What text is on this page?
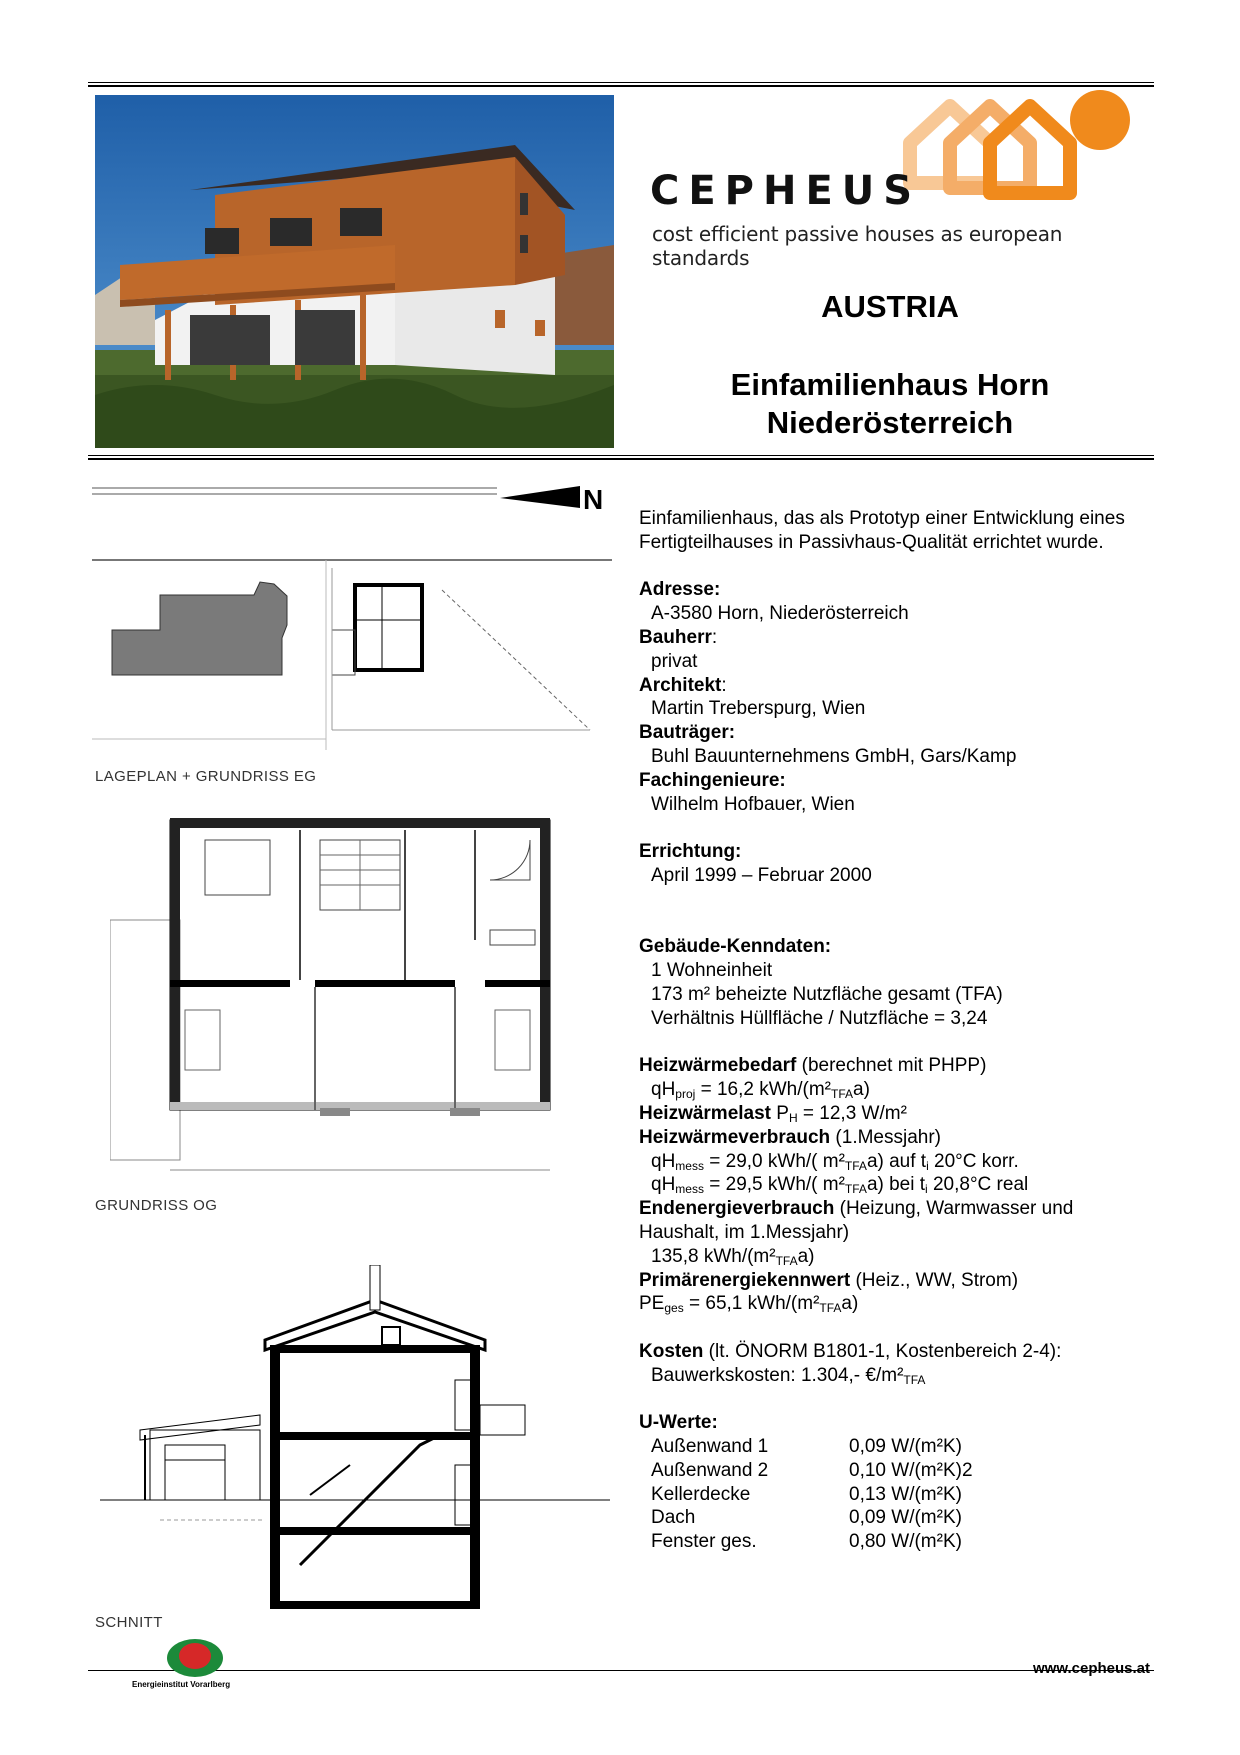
CEPHEUS
cost efficient passive houses as european standards
AUSTRIA
Einfamilienhaus Horn
Niederösterreich
N
LAGEPLAN + GRUNDRISS EG
GRUNDRISS OG
SCHNITT
Einfamilienhaus, das als Prototyp einer Entwicklung eines Fertigteilhauses in Passivhaus-Qualität errichtet wurde.
Adresse:
A-3580 Horn, Niederösterreich
Bauherr:
privat
Architekt:
Martin Treberspurg, Wien
Bauträger:
Buhl Bauunternehmens GmbH, Gars/Kamp
Fachingenieure:
Wilhelm Hofbauer, Wien
Errichtung:
April 1999 – Februar 2000
Gebäude-Kenndaten:
1 Wohneinheit
173 m² beheizte Nutzfläche gesamt (TFA)
Verhältnis Hüllfläche / Nutzfläche = 3,24
Heizwärmebedarf (berechnet mit PHPP)
$qH_{proj} = 16,2$ kWh/$(m^2_{TFA}a)$
Heizwärmelast $P_H = 12,3$ W/m²
Heizwärmeverbrauch (1.Messjahr)
$qH_{mess} = 29,0$ kWh/( $m^2_{TFA}a$) auf $t_i$ 20°C korr.
$qH_{mess} = 29,5$ kWh/( $m^2_{TFA}a$) bei $t_i$ 20,8°C real
Endenergieverbrauch (Heizung, Warmwasser und Haushalt, im 1.Messjahr)
135,8 kWh/$(m^2_{TFA}a)$
Primärenergiekennwert (Heiz., WW, Strom)
$PE_{ges} = 65,1$ kWh/$(m^2_{TFA}a)$
Kosten (lt. ÖNORM B1801-1, Kostenbereich 2-4):
Bauwerkskosten: 1.304,- $€/m^2_{TFA}$
U-Werte:
Außenwand 1	0,09 W/(m²K)
Außenwand 2	0,10 W/(m²K)2
Kellerdecke	0,13 W/(m²K)
Dach	0,09 W/(m²K)
Fenster ges.	0,80 W/(m²K)
Energieinstitut Vorarlberg
www.cepheus.at
